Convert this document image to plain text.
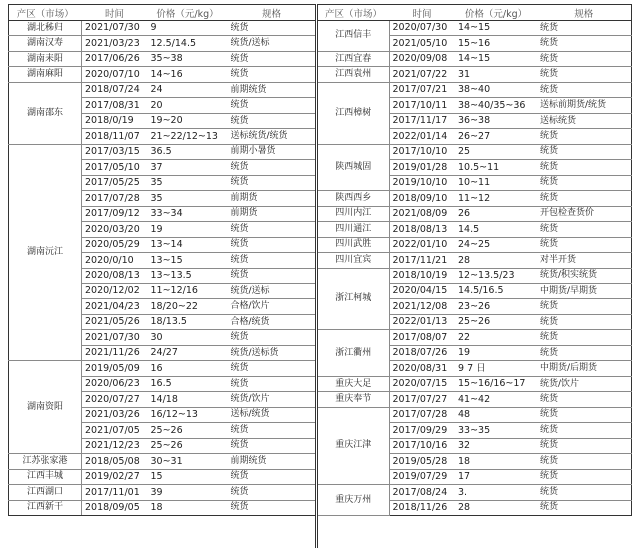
产区（市场）	时间	价格（元/kg）	规格
湖北秭归	2021/07/30	9	统货
湖南汉寿	2021/03/23	12.5/14.5	统货/送标
湖南耒阳	2017/06/26	35~38	统货
湖南麻阳	2020/07/10	14~16	统货
湖南邵东	2018/07/24	24	前期统货
	2017/08/31	20	统货
	2018/0/19	19~20	统货
	2018/11/07	21~22/12~13	送标统货/统货
湖南沅江	2017/03/15	36.5	前期小暑货
	2017/05/10	37	统货
	2017/05/25	35	统货
	2017/07/28	35	前期货
	2017/09/12	33~34	前期货
	2020/03/20	19	统货
	2020/05/29	13~14	统货
	2020/0/10	13~15	统货
	2020/08/13	13~13.5	统货
	2020/12/02	11~12/16	统货/送标
	2021/04/23	18/20~22	合格/饮片
	2021/05/26	18/13.5	合格/统货
	2021/07/30	30	统货
	2021/11/26	24/27	统货/送标货
湖南资阳	2019/05/09	16	统货
	2020/06/23	16.5	统货
	2020/07/27	14/18	统货/饮片
	2021/03/26	16/12~13	送标/统货
	2021/07/05	25~26	统货
	2021/12/23	25~26	统货
江苏张家港	2018/05/08	30~31	前期统货
江西丰城	2019/02/27	15	统货
江西湖口	2017/11/01	39	统货
江西新干	2018/09/05	18	统货
产区（市场）	时间	价格（元/kg）	规格
江西信丰	2020/07/30	14~15	统货
	2021/05/10	15~16	统货
江西宜春	2020/09/08	14~15	统货
江西袁州	2021/07/22	31	统货
江西樟树	2017/07/21	38~40	统货
	2017/10/11	38~40/35~36	送标前期货/统货
	2017/11/17	36~38	送标统货
	2022/01/14	26~27	统货
陕西城固	2017/10/10	25	统货
	2019/01/28	10.5~11	统货
	2019/10/10	10~11	统货
陕西西乡	2018/09/10	11~12	统货
四川内江	2021/08/09	26	开包检查货价
四川通江	2018/08/13	14.5	统货
四川武胜	2022/01/10	24~25	统货
四川宜宾	2017/11/21	28	对半开货
浙江柯城	2018/10/19	12~13.5/23	统货/积实统货
	2020/04/15	14.5/16.5	中期货/早期货
	2021/12/08	23~26	统货
	2022/01/13	25~26	统货
浙江衢州	2017/08/07	22	统货
	2018/07/26	19	统货
	2020/08/31	9 7 日	中期货/后期货
重庆大足	2020/07/15	15~16/16~17	统货/饮片
重庆奉节	2017/07/27	41~42	统货
重庆江津	2017/07/28	48	统货
	2017/09/29	33~35	统货
	2017/10/16	32	统货
	2019/05/28	18	统货
	2019/07/29	17	统货
重庆万州	2017/08/24	3.	统货
	2018/11/26	28	统货
